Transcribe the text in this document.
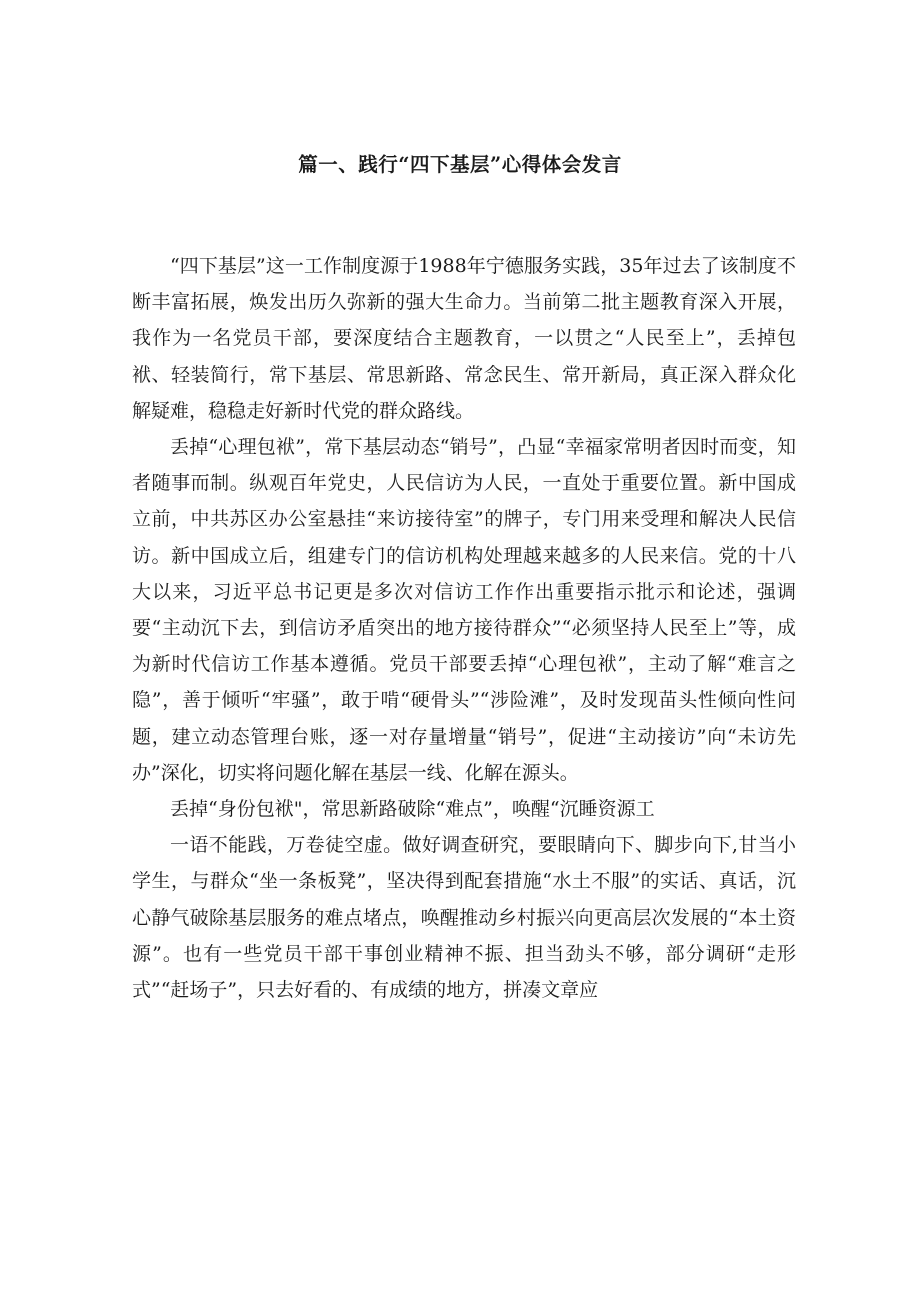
篇一、践行“四下基层”心得体会发言

“四下基层”这一工作制度源于1988年宁德服务实践，35年过去了该制度不断丰富拓展，焕发出历久弥新的强大生命力。当前第二批主题教育深入开展，我作为一名党员干部，要深度结合主题教育，一以贯之“人民至上”，丢掉包袱、轻装简行，常下基层、常思新路、常念民生、常开新局，真正深入群众化解疑难，稳稳走好新时代党的群众路线。

丢掉“心理包袱”，常下基层动态“销号”，凸显“幸福家常明者因时而变，知者随事而制。纵观百年党史，人民信访为人民，一直处于重要位置。新中国成立前，中共苏区办公室悬挂“来访接待室”的牌子，专门用来受理和解决人民信访。新中国成立后，组建专门的信访机构处理越来越多的人民来信。党的十八大以来，习近平总书记更是多次对信访工作作出重要指示批示和论述，强调要“主动沉下去，到信访矛盾突出的地方接待群众”“必须坚持人民至上”等，成为新时代信访工作基本遵循。党员干部要丢掉“心理包袱”，主动了解“难言之隐”，善于倾听“牢骚”，敢于啃“硬骨头”“涉险滩”，及时发现苗头性倾向性问题，建立动态管理台账，逐一对存量增量“销号”，促进“主动接访”向“未访先办”深化，切实将问题化解在基层一线、化解在源头。

丢掉“身份包袱"，常思新路破除“难点”，唤醒“沉睡资源工

一语不能践，万卷徒空虚。做好调查研究，要眼睛向下、脚步向下,甘当小学生，与群众“坐一条板凳”，坚决得到配套措施“水土不服”的实话、真话，沉心静气破除基层服务的难点堵点，唤醒推动乡村振兴向更高层次发展的“本土资源”。也有一些党员干部干事创业精神不振、担当劲头不够，部分调研“走形式”“赶场子”，只去好看的、有成绩的地方，拼凑文章应
